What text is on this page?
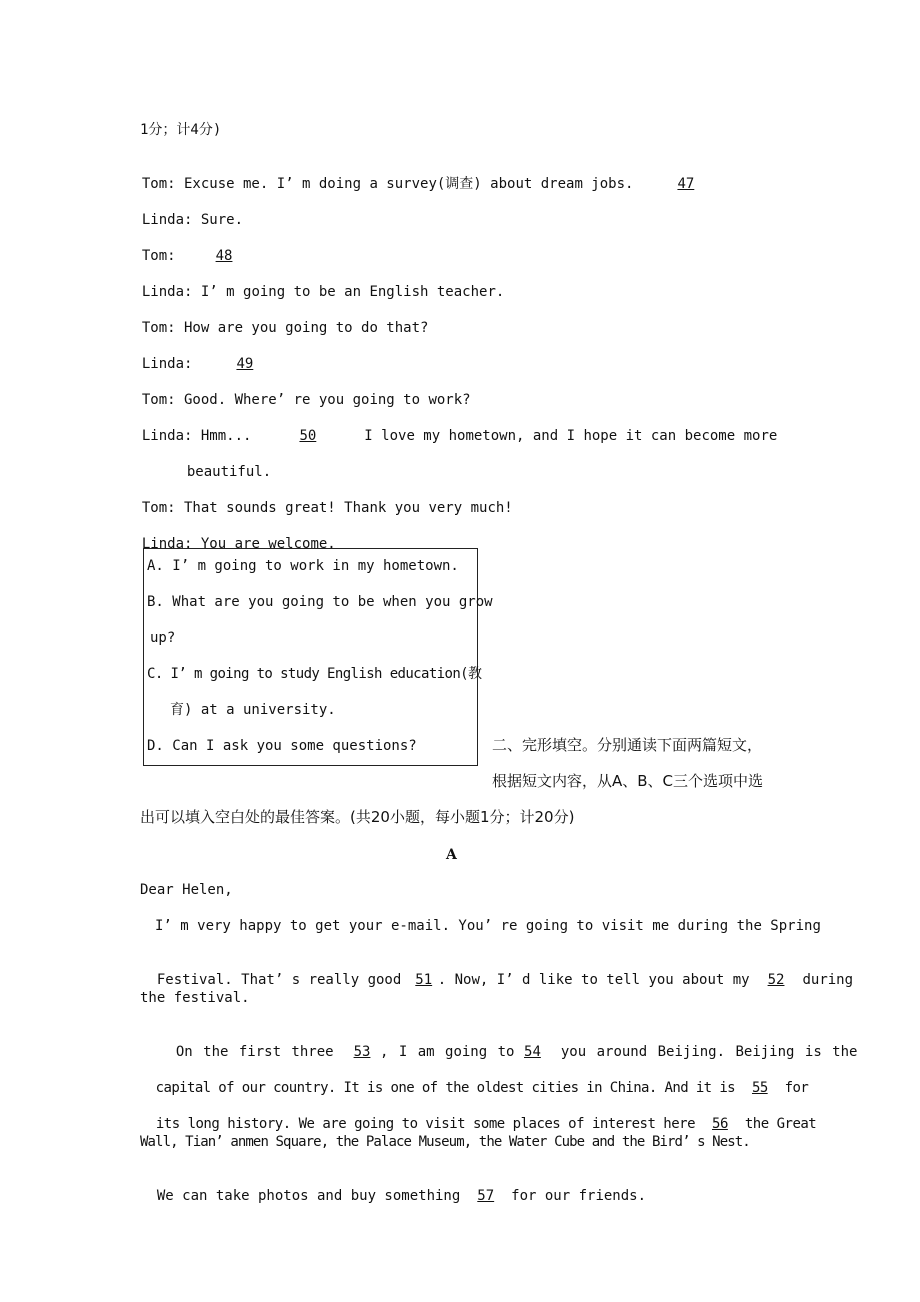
1分；计4分)

Tom: Excuse me. I’ m doing a survey(调查) about dream jobs.	47

Linda: Sure.

Tom:	48

Linda: I’ m going to be an English teacher.

Tom: How are you going to do that?

Linda:	49

Tom: Good. Where’ re you going to work?

Linda: Hmm...	50	I love my hometown, and I hope it can become more

beautiful.

Tom: That sounds great! Thank you very much!

Linda: You are welcome.

A. I’ m going to work in my hometown.
B. What are you going to be when you grow
up?
C. I’ m going to study English education(教
育) at a university.
D. Can I ask you some questions?	二、完形填空。分别通读下面两篇短文，
根据短文内容，从A、B、C三个选项中选
出可以填入空白处的最佳答案。(共20小题，每小题1分；计20分)
A
Dear Helen,
I’ m very happy to get your e-mail. You’ re going to visit me during the Spring

Festival. That’ s really good 51 . Now, I’ d like to tell you about my 52 during

the festival.

On the first three 53 , I am going to 54 you around Beijing. Beijing is the

capital of our country. It is one of the oldest cities in China. And it is 55 for

its long history. We are going to visit some places of interest here 56 the Great

Wall, Tian’ anmen Square, the Palace Museum, the Water Cube and the Bird’ s Nest.

We can take photos and buy something 57 for our friends.
